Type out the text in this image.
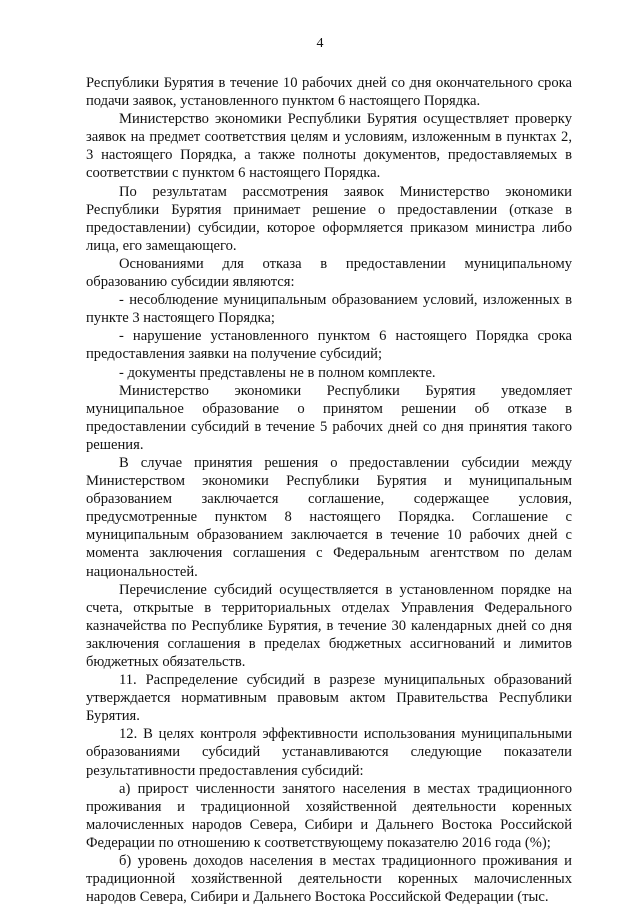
4

Республики Бурятия в течение 10 рабочих дней со дня окончательного срока подачи заявок, установленного пунктом 6 настоящего Порядка.

Министерство экономики Республики Бурятия осуществляет проверку заявок на предмет соответствия целям и условиям, изложенным в пунктах 2, 3 настоящего Порядка, а также полноты документов, предоставляемых в соответствии с пунктом 6 настоящего Порядка.

По результатам рассмотрения заявок Министерство экономики Республики Бурятия принимает решение о предоставлении (отказе в предоставлении) субсидии, которое оформляется приказом министра либо лица, его замещающего.

Основаниями для отказа в предоставлении муниципальному образованию субсидии являются:

- несоблюдение муниципальным образованием условий, изложенных в пункте 3 настоящего Порядка;

- нарушение установленного пунктом 6 настоящего Порядка срока предоставления заявки на получение субсидий;

- документы представлены не в полном комплекте.

Министерство экономики Республики Бурятия уведомляет муниципальное образование о принятом решении об отказе в предоставлении субсидий в течение 5 рабочих дней со дня принятия такого решения.

В случае принятия решения о предоставлении субсидии между Министерством экономики Республики Бурятия и муниципальным образованием заключается соглашение, содержащее условия, предусмотренные пунктом 8 настоящего Порядка. Соглашение с муниципальным образованием заключается в течение 10 рабочих дней с момента заключения соглашения с Федеральным агентством по делам национальностей.

Перечисление субсидий осуществляется в установленном порядке на счета, открытые в территориальных отделах Управления Федерального казначейства по Республике Бурятия, в течение 30 календарных дней со дня заключения соглашения в пределах бюджетных ассигнований и лимитов бюджетных обязательств.

11. Распределение субсидий в разрезе муниципальных образований утверждается нормативным правовым актом Правительства Республики Бурятия.

12. В целях контроля эффективности использования муниципальными образованиями субсидий устанавливаются следующие показатели результативности предоставления субсидий:

а) прирост численности занятого населения в местах традиционного проживания и традиционной хозяйственной деятельности коренных малочисленных народов Севера, Сибири и Дальнего Востока Российской Федерации по отношению к соответствующему показателю 2016 года (%);

б) уровень доходов населения в местах традиционного проживания и традиционной хозяйственной деятельности коренных малочисленных народов Севера, Сибири и Дальнего Востока Российской Федерации (тыс.
